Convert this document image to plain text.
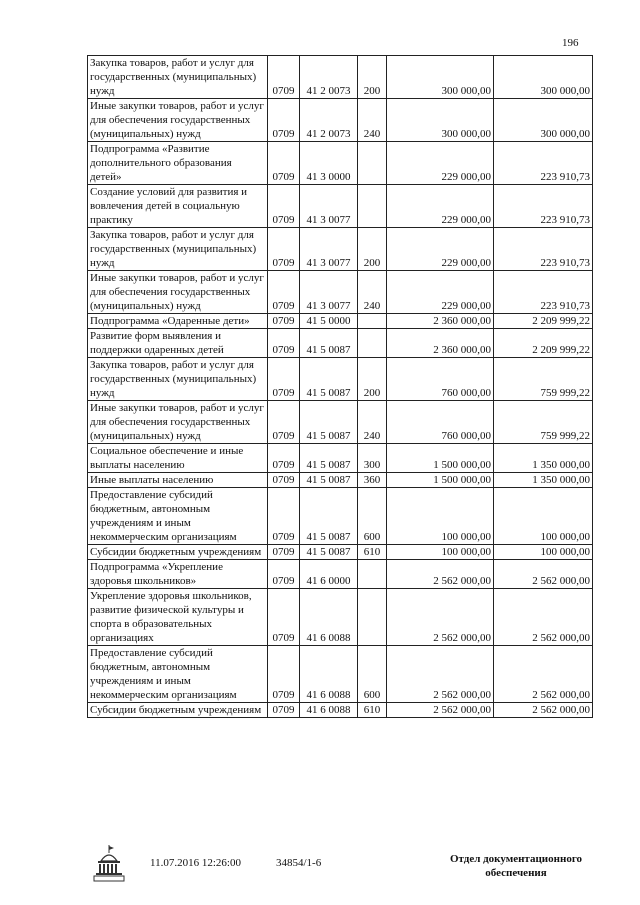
196
Закупка товаров, работ и услуг для государственных (муниципальных) нужд	0709	41 2 0073	200	300 000,00	300 000,00
Иные закупки товаров, работ и услуг для обеспечения государственных (муниципальных) нужд	0709	41 2 0073	240	300 000,00	300 000,00
Подпрограмма «Развитие дополнительного образования детей»	0709	41 3 0000		229 000,00	223 910,73
Создание условий для развития и вовлечения детей в социальную практику	0709	41 3 0077		229 000,00	223 910,73
Закупка товаров, работ и услуг для государственных (муниципальных) нужд	0709	41 3 0077	200	229 000,00	223 910,73
Иные закупки товаров, работ и услуг для обеспечения государственных (муниципальных) нужд	0709	41 3 0077	240	229 000,00	223 910,73
Подпрограмма «Одаренные дети»	0709	41 5 0000		2 360 000,00	2 209 999,22
Развитие форм выявления и поддержки одаренных детей	0709	41 5 0087		2 360 000,00	2 209 999,22
Закупка товаров, работ и услуг для государственных (муниципальных) нужд	0709	41 5 0087	200	760 000,00	759 999,22
Иные закупки товаров, работ и услуг для обеспечения государственных (муниципальных) нужд	0709	41 5 0087	240	760 000,00	759 999,22
Социальное обеспечение и иные выплаты населению	0709	41 5 0087	300	1 500 000,00	1 350 000,00
Иные выплаты населению	0709	41 5 0087	360	1 500 000,00	1 350 000,00
Предоставление субсидий бюджетным, автономным учреждениям и иным некоммерческим организациям	0709	41 5 0087	600	100 000,00	100 000,00
Субсидии бюджетным учреждениям	0709	41 5 0087	610	100 000,00	100 000,00
Подпрограмма «Укрепление здоровья школьников»	0709	41 6 0000		2 562 000,00	2 562 000,00
Укрепление здоровья школьников, развитие физической культуры и спорта в образовательных организациях	0709	41 6 0088		2 562 000,00	2 562 000,00
Предоставление субсидий бюджетным, автономным учреждениям и иным некоммерческим организациям	0709	41 6 0088	600	2 562 000,00	2 562 000,00
Субсидии бюджетным учреждениям	0709	41 6 0088	610	2 562 000,00	2 562 000,00
11.07.2016 12:26:00	34854/1-6	Отдел документационного обеспечения
